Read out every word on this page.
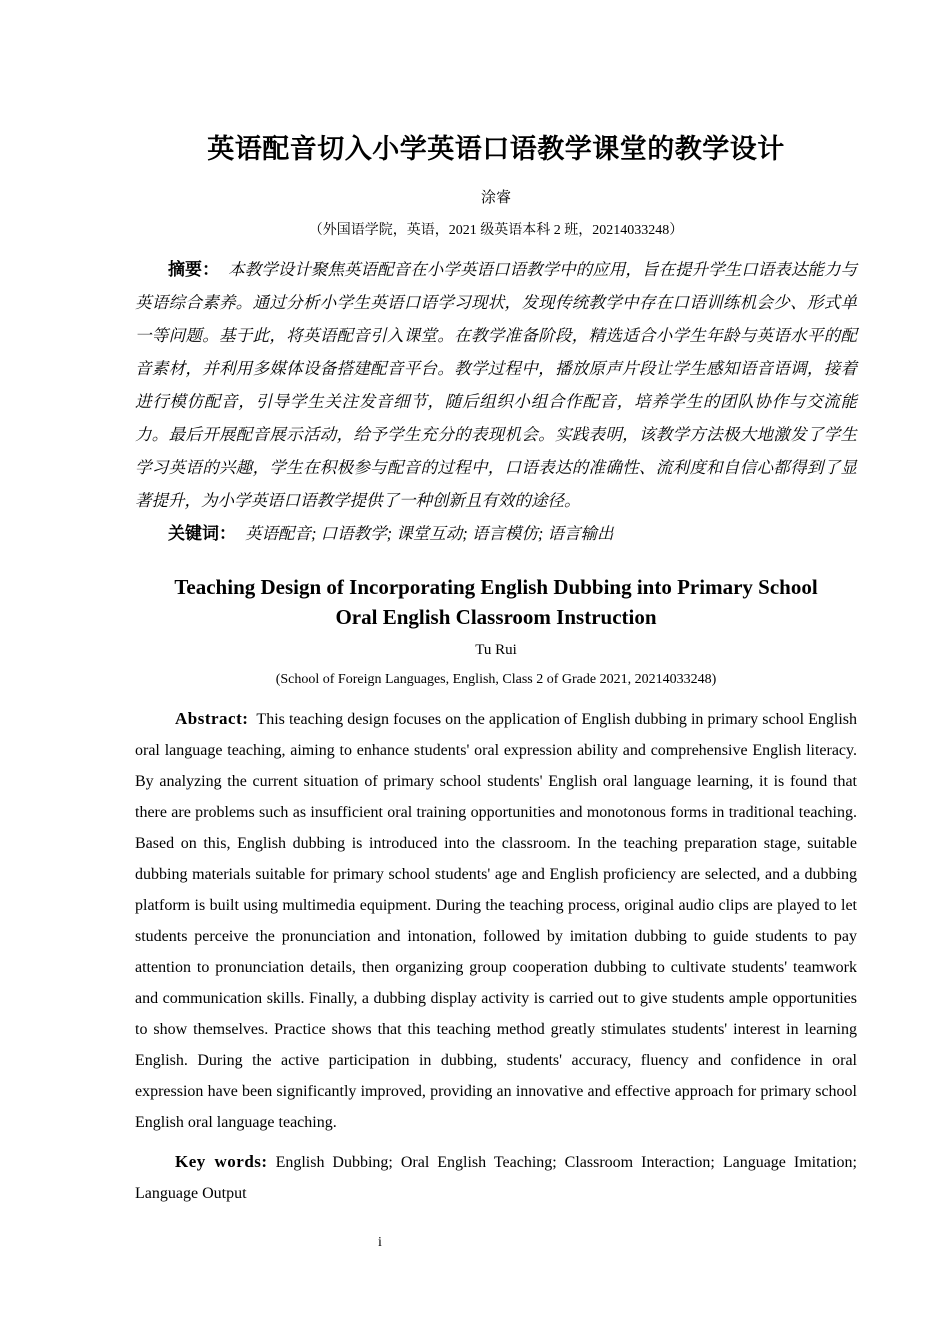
英语配音切入小学英语口语教学课堂的教学设计
涂睿
（外国语学院，英语，2021 级英语本科 2 班，20214033248）

摘要： 本教学设计聚焦英语配音在小学英语口语教学中的应用，旨在提升学生口语表达能力与英语综合素养。通过分析小学生英语口语学习现状，发现传统教学中存在口语训练机会少、形式单一等问题。基于此，将英语配音引入课堂。在教学准备阶段，精选适合小学生年龄与英语水平的配音素材，并利用多媒体设备搭建配音平台。教学过程中，播放原声片段让学生感知语音语调，接着进行模仿配音，引导学生关注发音细节，随后组织小组合作配音，培养学生的团队协作与交流能力。最后开展配音展示活动，给予学生充分的表现机会。实践表明，该教学方法极大地激发了学生学习英语的兴趣，学生在积极参与配音的过程中，口语表达的准确性、流利度和自信心都得到了显著提升，为小学英语口语教学提供了一种创新且有效的途径。

关键词： 英语配音; 口语教学; 课堂互动; 语言模仿; 语言输出

Teaching Design of Incorporating English Dubbing into Primary School
Oral English Classroom Instruction
Tu Rui
(School of Foreign Languages, English, Class 2 of Grade 2021, 20214033248)

Abstract: This teaching design focuses on the application of English dubbing in primary school English oral language teaching, aiming to enhance students' oral expression ability and comprehensive English literacy. By analyzing the current situation of primary school students' English oral language learning, it is found that there are problems such as insufficient oral training opportunities and monotonous forms in traditional teaching. Based on this, English dubbing is introduced into the classroom. In the teaching preparation stage, suitable dubbing materials suitable for primary school students' age and English proficiency are selected, and a dubbing platform is built using multimedia equipment. During the teaching process, original audio clips are played to let students perceive the pronunciation and intonation, followed by imitation dubbing to guide students to pay attention to pronunciation details, then organizing group cooperation dubbing to cultivate students' teamwork and communication skills. Finally, a dubbing display activity is carried out to give students ample opportunities to show themselves. Practice shows that this teaching method greatly stimulates students' interest in learning English. During the active participation in dubbing, students' accuracy, fluency and confidence in oral expression have been significantly improved, providing an innovative and effective approach for primary school English oral language teaching.

Key words: English Dubbing; Oral English Teaching; Classroom Interaction; Language Imitation; Language Output

i
